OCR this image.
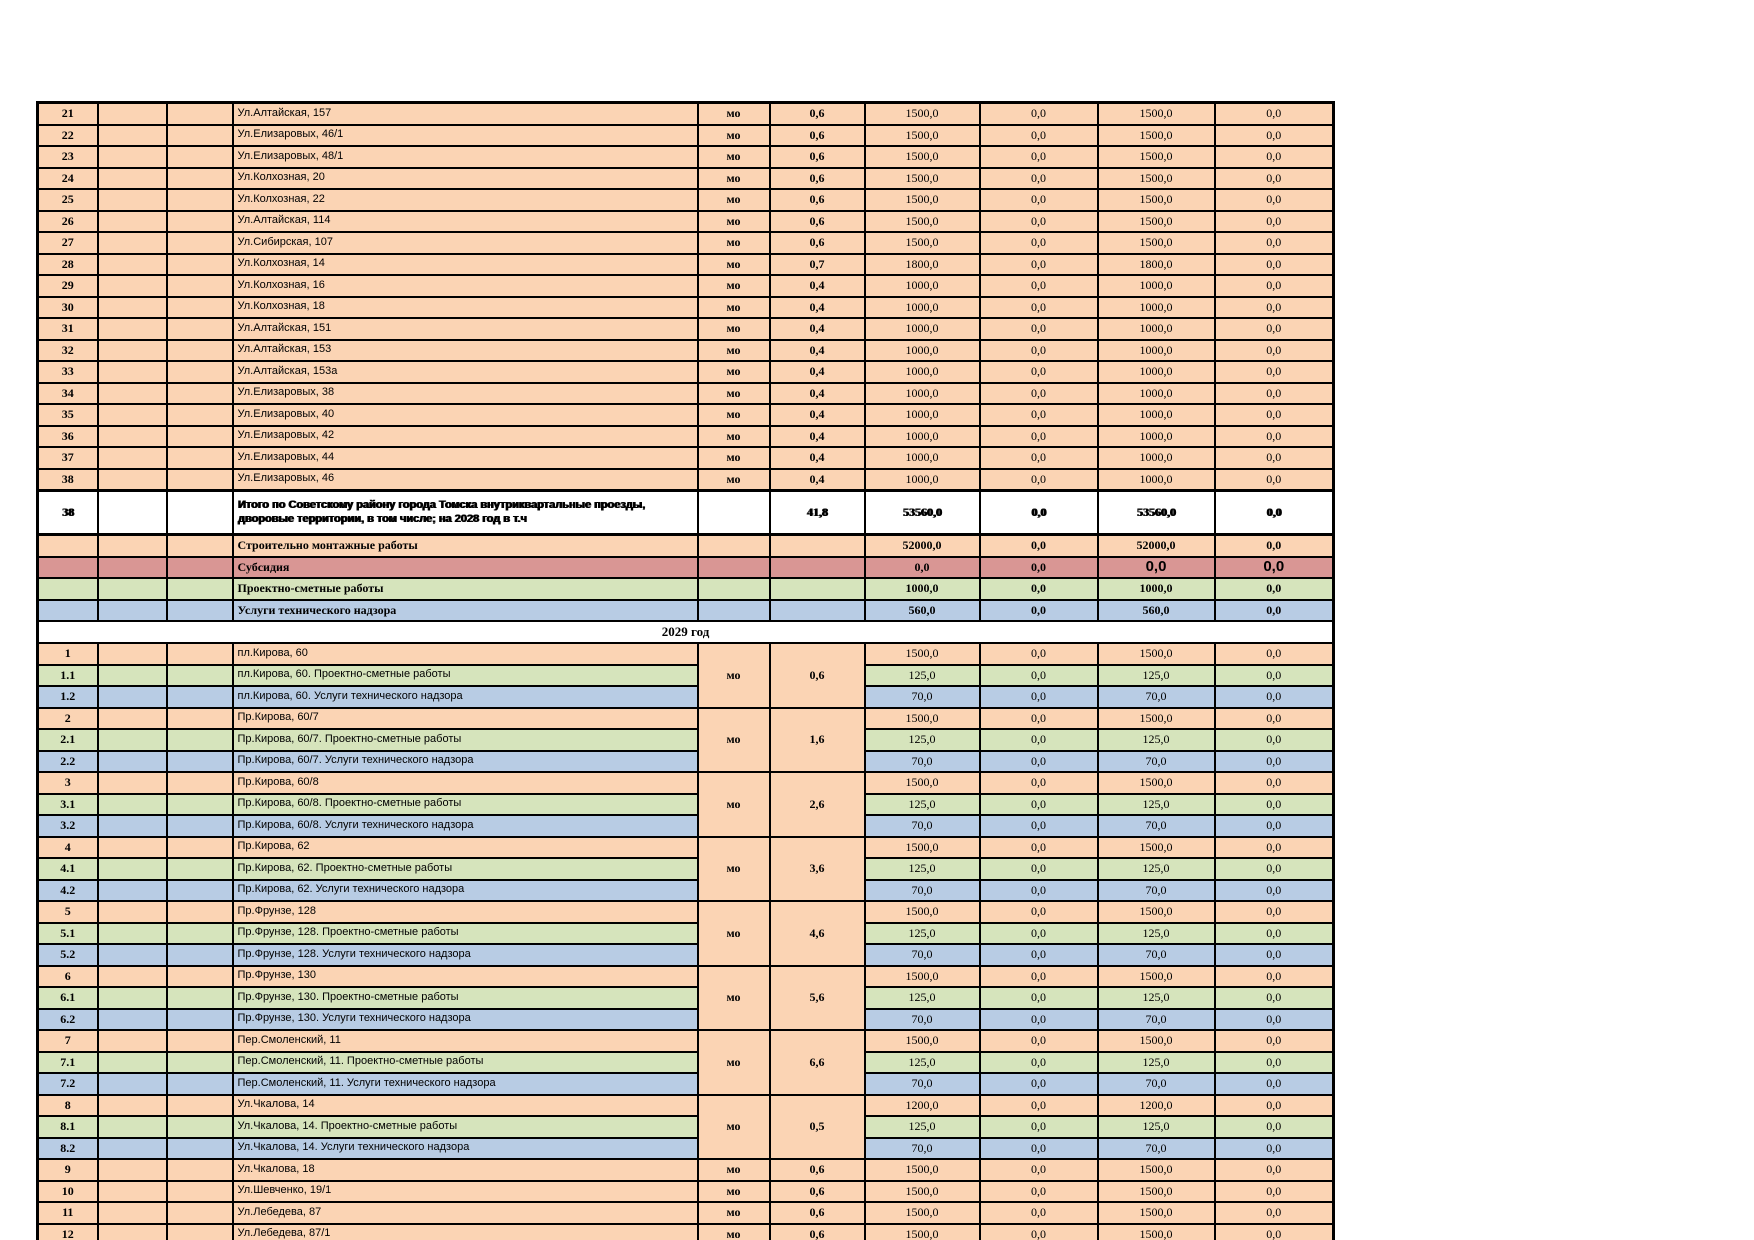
21			Ул.Алтайская, 157	мо	0,6	1500,0	0,0	1500,0	0,0
22			Ул.Елизаровых, 46/1	мо	0,6	1500,0	0,0	1500,0	0,0
23			Ул.Елизаровых, 48/1	мо	0,6	1500,0	0,0	1500,0	0,0
24			Ул.Колхозная, 20	мо	0,6	1500,0	0,0	1500,0	0,0
25			Ул.Колхозная, 22	мо	0,6	1500,0	0,0	1500,0	0,0
26			Ул.Алтайская, 114	мо	0,6	1500,0	0,0	1500,0	0,0
27			Ул.Сибирская, 107	мо	0,6	1500,0	0,0	1500,0	0,0
28			Ул.Колхозная, 14	мо	0,7	1800,0	0,0	1800,0	0,0
29			Ул.Колхозная, 16	мо	0,4	1000,0	0,0	1000,0	0,0
30			Ул.Колхозная, 18	мо	0,4	1000,0	0,0	1000,0	0,0
31			Ул.Алтайская, 151	мо	0,4	1000,0	0,0	1000,0	0,0
32			Ул.Алтайская, 153	мо	0,4	1000,0	0,0	1000,0	0,0
33			Ул.Алтайская, 153а	мо	0,4	1000,0	0,0	1000,0	0,0
34			Ул.Елизаровых, 38	мо	0,4	1000,0	0,0	1000,0	0,0
35			Ул.Елизаровых, 40	мо	0,4	1000,0	0,0	1000,0	0,0
36			Ул.Елизаровых, 42	мо	0,4	1000,0	0,0	1000,0	0,0
37			Ул.Елизаровых, 44	мо	0,4	1000,0	0,0	1000,0	0,0
38			Ул.Елизаровых, 46	мо	0,4	1000,0	0,0	1000,0	0,0
38			Итого по Советскому району города Томска внутриквартальные проезды, дворовые территории, в том числе; на 2028 год в т.ч		41,8	53560,0	0,0	53560,0	0,0
			Строительно монтажные работы			52000,0	0,0	52000,0	0,0
			Субсидия			0,0	0,0	0,0	0,0
			Проектно-сметные работы			1000,0	0,0	1000,0	0,0
			Услуги технического надзора			560,0	0,0	560,0	0,0
2029 год									
1			пл.Кирова, 60	мо	0,6	1500,0	0,0	1500,0	0,0
1.1			пл.Кирова, 60. Проектно-сметные работы			125,0	0,0	125,0	0,0
1.2			пл.Кирова, 60. Услуги технического надзора			70,0	0,0	70,0	0,0
2			Пр.Кирова, 60/7	мо	1,6	1500,0	0,0	1500,0	0,0
2.1			Пр.Кирова, 60/7. Проектно-сметные работы			125,0	0,0	125,0	0,0
2.2			Пр.Кирова, 60/7. Услуги технического надзора			70,0	0,0	70,0	0,0
3			Пр.Кирова, 60/8	мо	2,6	1500,0	0,0	1500,0	0,0
3.1			Пр.Кирова, 60/8. Проектно-сметные работы			125,0	0,0	125,0	0,0
3.2			Пр.Кирова, 60/8. Услуги технического надзора			70,0	0,0	70,0	0,0
4			Пр.Кирова, 62	мо	3,6	1500,0	0,0	1500,0	0,0
4.1			Пр.Кирова, 62. Проектно-сметные работы			125,0	0,0	125,0	0,0
4.2			Пр.Кирова, 62. Услуги технического надзора			70,0	0,0	70,0	0,0
5			Пр.Фрунзе, 128	мо	4,6	1500,0	0,0	1500,0	0,0
5.1			Пр.Фрунзе, 128. Проектно-сметные работы			125,0	0,0	125,0	0,0
5.2			Пр.Фрунзе, 128. Услуги технического надзора			70,0	0,0	70,0	0,0
6			Пр.Фрунзе, 130	мо	5,6	1500,0	0,0	1500,0	0,0
6.1			Пр.Фрунзе, 130. Проектно-сметные работы			125,0	0,0	125,0	0,0
6.2			Пр.Фрунзе, 130. Услуги технического надзора			70,0	0,0	70,0	0,0
7			Пер.Смоленский, 11	мо	6,6	1500,0	0,0	1500,0	0,0
7.1			Пер.Смоленский, 11. Проектно-сметные работы			125,0	0,0	125,0	0,0
7.2			Пер.Смоленский, 11. Услуги технического надзора			70,0	0,0	70,0	0,0
8			Ул.Чкалова, 14	мо	0,5	1200,0	0,0	1200,0	0,0
8.1			Ул.Чкалова, 14. Проектно-сметные работы			125,0	0,0	125,0	0,0
8.2			Ул.Чкалова, 14. Услуги технического надзора			70,0	0,0	70,0	0,0
9			Ул.Чкалова, 18	мо	0,6	1500,0	0,0	1500,0	0,0
10			Ул.Шевченко, 19/1	мо	0,6	1500,0	0,0	1500,0	0,0
11			Ул.Лебедева, 87	мо	0,6	1500,0	0,0	1500,0	0,0
12			Ул.Лебедева, 87/1	мо	0,6	1500,0	0,0	1500,0	0,0
